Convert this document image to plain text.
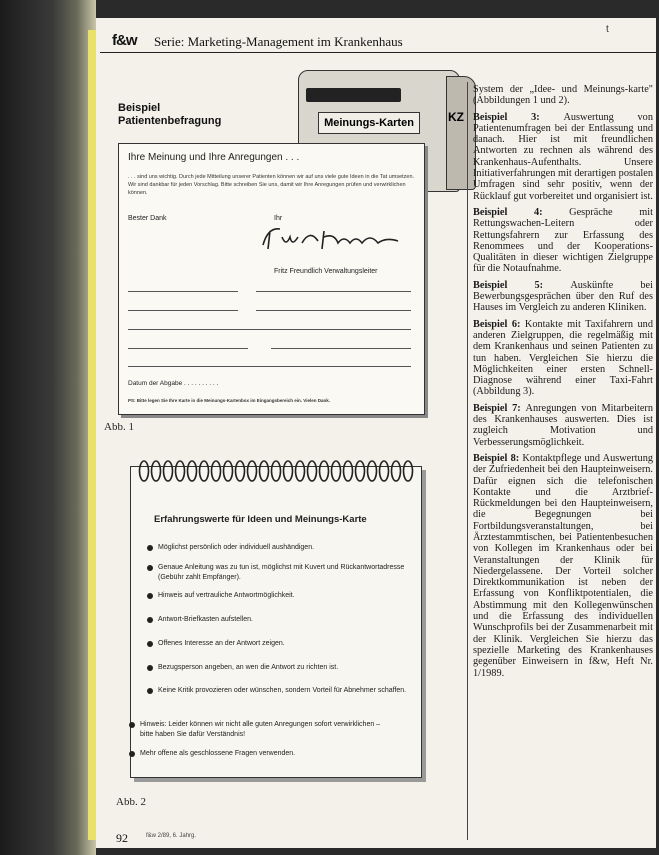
f&w Serie: Marketing-Management im Krankenhaus
t
Meinungs-Karten	KZ
Beispiel
Patientenbefragung
Ihre Meinung und Ihre Anregungen . . .
. . . sind uns wichtig. Durch jede Mitteilung unserer Patienten können wir auf uns viele gute Ideen in die Tat umsetzen. Wir sind dankbar für jeden Vorschlag. Bitte schreiben Sie uns, damit wir Ihre Anregungen prüfen und verwirklichen können.
Bester Dank	Ihr
Fritz Freundlich Verwaltungsleiter
Datum der Abgabe . . . . . . . . . .
PS: Bitte legen Sie Ihre Karte in die Meinungs-Kartenbox im Eingangsbereich ein. Vielen Dank.
Abb. 1
Erfahrungswerte für Ideen und Meinungs-Karte
Möglichst persönlich oder individuell aushändigen.
Genaue Anleitung was zu tun ist, möglichst mit Kuvert und Rückantwortadresse (Gebühr zahlt Empfänger).
Hinweis auf vertrauliche Antwortmöglichkeit.
Antwort-Briefkasten aufstellen.
Offenes Interesse an der Antwort zeigen.
Bezugsperson angeben, an wen die Antwort zu richten ist.
Keine Kritik provozieren oder wünschen, sondern Vorteil für Abnehmer schaffen.
Hinweis: Leider können wir nicht alle guten Anregungen sofort verwirklichen – bitte haben Sie dafür Verständnis!
Mehr offene als geschlossene Fragen verwenden.
Abb. 2
92	f&w 2/89, 6. Jahrg.

System der „Idee- und Meinungs-karte" (Abbildungen 1 und 2).

Beispiel 3: Auswertung von Patientenumfragen bei der Entlassung und danach. Hier ist mit freundlichen Antworten zu rechnen als während des Krankenhaus-Aufenthalts. Unsere Initiativerfahrungen mit derartigen postalen Umfragen sind sehr positiv, wenn der Rücklauf gut vorbereitet und organisiert ist.

Beispiel 4: Gespräche mit Rettungswachen-Leitern oder Rettungsfahrern zur Erfassung des Renommees und der Kooperations-Qualitäten in dieser wichtigen Zielgruppe für die Notaufnahme.

Beispiel 5: Auskünfte bei Bewerbungsgesprächen über den Ruf des Hauses im Vergleich zu anderen Kliniken.

Beispiel 6: Kontakte mit Taxifahrern und anderen Zielgruppen, die regelmäßig mit dem Krankenhaus und seinen Patienten zu tun haben. Vergleichen Sie hierzu die Möglichkeiten einer ersten Schnell-Diagnose während einer Taxi-Fahrt (Abbildung 3).

Beispiel 7: Anregungen von Mitarbeitern des Krankenhauses auswerten. Dies ist zugleich Motivation und Verbesserungsmöglichkeit.

Beispiel 8: Kontaktpflege und Auswertung der Zufriedenheit bei den Haupteinweisern. Dafür eignen sich die telefonischen Kontakte und die Arztbrief-Rückmeldungen bei den Haupteinweisern, die Begegnungen bei Fortbildungsveranstaltungen, bei Ärztestammtischen, bei Patientenbesuchen von Kollegen im Krankenhaus oder bei Veranstaltungen der Klinik für Niedergelassene. Der Vorteil solcher Direktkommunikation ist neben der Erfassung von Konfliktpotentialen, die Abstimmung mit den Kollegenwünschen und die Erfassung des individuellen Wunschprofils bei der Zusammenarbeit mit der Klinik. Vergleichen Sie hierzu das spezielle Marketing des Krankenhauses gegenüber Einweisern in f&w, Heft Nr. 1/1989.
